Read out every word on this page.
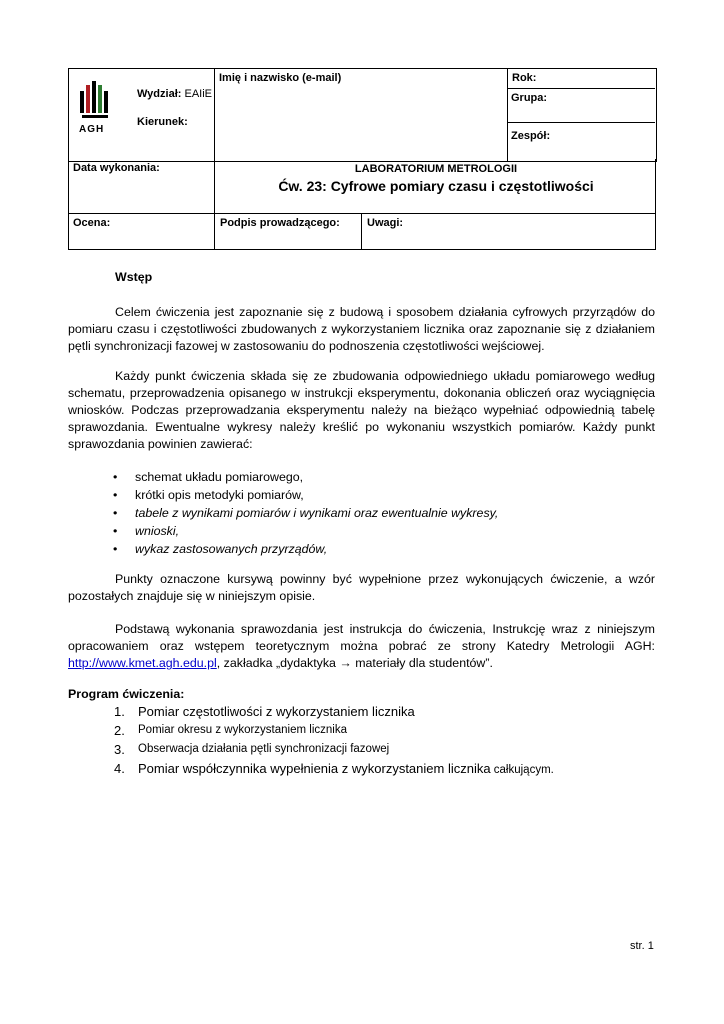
AGH
Wydział: EAIiE
Kierunek:
	Imię i nazwisko (e-mail)	Rok:

Grupa:
Zespół:
Data wykonania:	LABORATORIUM METROLOGII
Ćw. 23: Cyfrowe pomiary czasu i częstotliwości
Ocena:	Podpis prowadzącego:	Uwagi:
Wstęp

Celem ćwiczenia jest zapoznanie się z budową i sposobem działania cyfrowych przyrządów do pomiaru czasu i częstotliwości zbudowanych z wykorzystaniem licznika oraz zapoznanie się z działaniem pętli synchronizacji fazowej w zastosowaniu do podnoszenia częstotliwości wejściowej.

Każdy punkt ćwiczenia składa się ze zbudowania odpowiedniego układu pomiarowego według schematu, przeprowadzenia opisanego w instrukcji eksperymentu, dokonania obliczeń oraz wyciągnięcia wniosków. Podczas przeprowadzania eksperymentu należy na bieżąco wypełniać odpowiednią tabelę sprawozdania. Ewentualne wykresy należy kreślić po wykonaniu wszystkich pomiarów. Każdy punkt sprawozdania powinien zawierać:

•	schemat układu pomiarowego,
•	krótki opis metodyki pomiarów,
•	tabele z wynikami pomiarów i wynikami oraz ewentualnie wykresy,
•	wnioski,
•	wykaz zastosowanych przyrządów,

Punkty oznaczone kursywą powinny być wypełnione przez wykonujących ćwiczenie, a wzór pozostałych znajduje się w niniejszym opisie.

Podstawą wykonania sprawozdania jest instrukcja do ćwiczenia, Instrukcję wraz z niniejszym opracowaniem oraz wstępem teoretycznym można pobrać ze strony Katedry Metrologii AGH: http://www.kmet.agh.edu.pl, zakładka „dydaktyka → materiały dla studentów”.

Program ćwiczenia:
1.	Pomiar częstotliwości z wykorzystaniem licznika
2.	Pomiar okresu z wykorzystaniem licznika
3.	Obserwacja działania pętli synchronizacji fazowej
4.	Pomiar współczynnika wypełnienia z wykorzystaniem licznika całkującym.
str. 1
